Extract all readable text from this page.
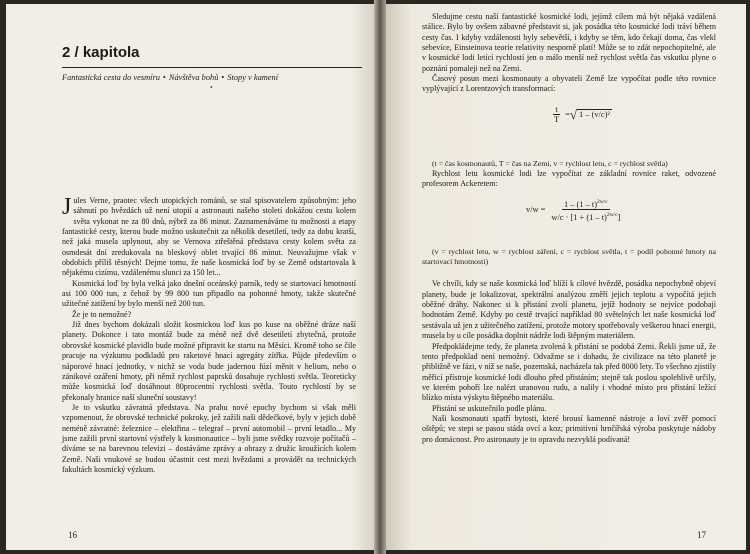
2 / kapitola
Fantastická cesta do vesmíru • Návštěva bohů • Stopy v kamení
•

Jules Verne, praotec všech utopických románů, se stal spisovatelem způsobným: jeho sáhnutí po hvězdách už není utopií a astronauti našeho století dokážou cestu kolem světa vykonat ne za 80 dnů, nýbrž za 86 minut. Zaznamenáváme tu možnosti a etapy fantastické cesty, kterou bude možno uskutečnit za několik desetiletí, tedy za dobu kratší, než jaká musela uplynout, aby se Vernova ztřeštěná představa cesty kolem světa za osmdesát dní zredukovala na bleskový oblet trvající 86 minut. Neuvažujme však v obdobích příliš těsných! Dejme tomu, že naše kosmická loď by se Země odstartovala k nějakému cizímu, vzdálenému slunci za 150 let...

Kosmická loď by byla velká jako dnešní oceánský parník, tedy se startovací hmotností asi 100 000 tun, z čehož by 99 800 tun připadlo na pohonné hmoty, takže skutečné užitečné zatížení by bylo menší než 200 tun.

Že je to nemožné?

Již dnes bychom dokázali složit kosmickou loď kus po kuse na oběžné dráze naší planety. Dokonce i tato montáž bude za méně než dvě desetiletí zbytečná, protože obrovské kosmické plavidlo bude možné připravit ke startu na Měsíci. Kromě toho se čile pracuje na výzkumu podkladů pro raketové hnací agregáty zítřka. Půjde především o náporové hnací jednotky, v nichž se voda bude jadernou fúzí měnit v helium, nebo o zánikové ozáření hmoty, při němž rychlost paprsků dosahuje rychlosti světla. Teoreticky může kosmická loď dosáhnout 80procentní rychlosti světla. Touto rychlostí by se překonaly hranice naší sluneční soustavy!

Je to vskutku závratná představa. Na prahu nové epochy bychom si však měli vzpomenout, že obrovské technické pokroky, jež zažili naši dědečkové, byly v jejich době neméně závratné: železnice – elektřina – telegraf – první automobil – první letadlo... My jsme zažili první startovní výstřely k kosmonautice – byli jsme svědky rozvoje počítačů – díváme se na barevnou televizi – dostáváme zprávy a obrazy z družic kroužících kolem Země. Naši vnukové se budou účastnit cest mezi hvězdami a provádět na technických fakultách kosmický výzkum.

16

Sledujme cestu naší fantastické kosmické lodi, jejímž cílem má být nějaká vzdálená stálice. Bylo by ovšem zábavné představit si, jak posádka této kosmické lodi tráví během cesty čas. I kdyby vzdálenosti byly sebevětší, i kdyby se těm, kdo čekají doma, čas vlekl sebevíce, Einsteinova teorie relativity nesporně platí! Může se to zdát nepochopitelné, ale v kosmické lodi letící rychlostí jen o málo menší než rychlost světla čas vskutku plyne o poznání pomaleji než na Zemi.

Časový posun mezi kosmonauty a obyvateli Země lze vypočítat podle této rovnice vyplývající z Lorentzových transformací:

$\frac{t}{T}$ = √ 1 – (v/c)²

(t = čas kosmonautů, T = čas na Zemi, v = rychlost letu, c = rychlost světla)

Rychlost letu kosmické lodi lze vypočítat ze základní rovnice raket, odvozené profesorem Ackeretem:

$v/w = \frac{1 - (1 - t)^{2w/c}}{w/c \cdot [1 + (1 - t)^{2w/c}]}$

(v = rychlost letu, w = rychlost záření, c = rychlost světla, t = podíl pohonné hmoty na startovací hmotnosti)

Ve chvíli, kdy se naše kosmická loď blíží k cílové hvězdě, posádka nepochybně objeví planety, bude je lokalizovat, spektrální analýzou změří jejich teplotu a vypočítá jejich oběžné dráhy. Nakonec si k přistání zvolí planetu, jejíž hodnoty se nejvíce podobají hodnotám Země. Kdyby po cestě trvající například 80 světelných let naše kosmická loď sestávala už jen z užitečného zatížení, protože motory spotřebovaly veškerou hnací energii, musela by u cíle posádka doplnit nádrže lodi štěpným materiálem.

Předpokládejme tedy, že planeta zvolená k přistání se podobá Zemi. Řekli jsme už, že tento předpoklad není nemožný. Odvažme se i dohadu, že civilizace na této planetě je přibližně ve fázi, v níž se naše, pozemská, nacházela tak před 8000 lety. To všechno zjistily měřicí přístroje kosmické lodi dlouho před přistáním; stejně tak poslou spolehlivě určily, ve kterém pohoří lze nalézt uranovou rudu, a nalily i vhodné místo pro přistání ležící blízko místa výskytu štěpného materiálu.

Přistání se uskutečnilo podle plánu.

Naši kosmonauti spatří bytosti, které brousí kamenné nástroje a loví zvěř pomocí oštěpů; ve stepi se pasou stáda ovcí a koz; primitivní hrnčířská výroba poskytuje nádoby pro domácnost. Pro astronauty je to opravdu nezvyklá podívaná!

17
